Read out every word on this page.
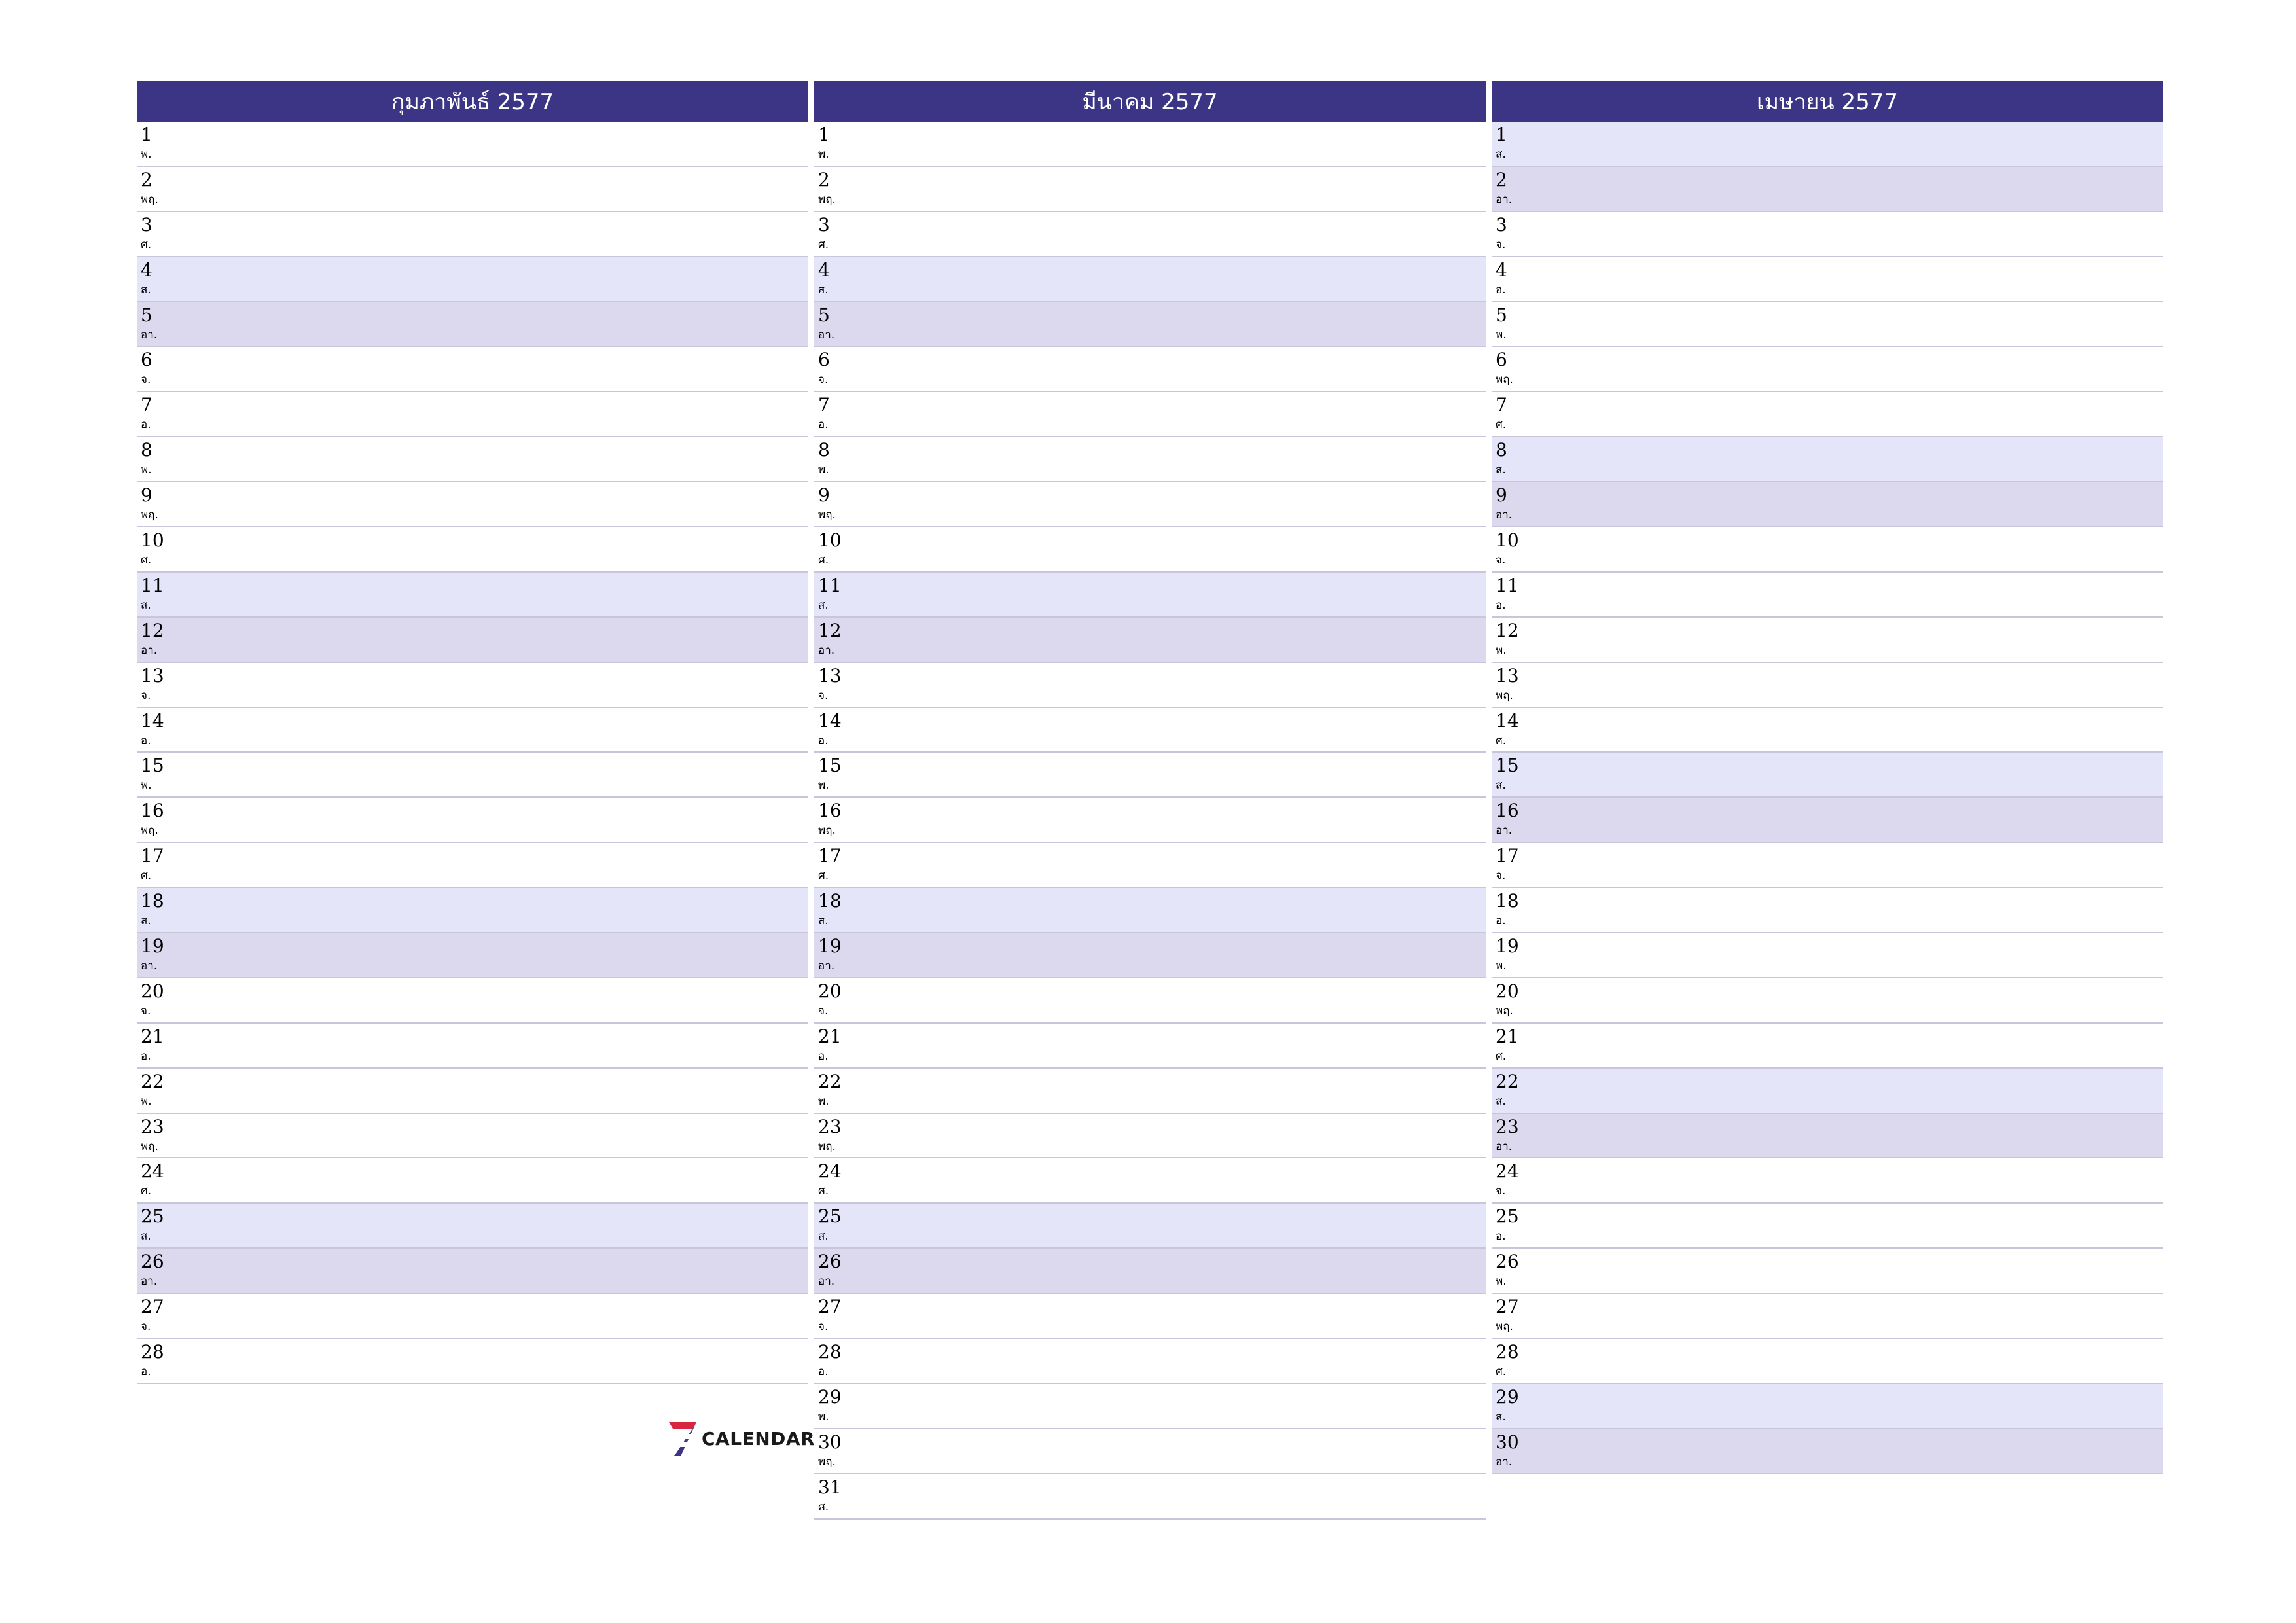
กุมภาพันธ์ 2577
1
พ.
2
พฤ.
3
ศ.
4
ส.
5
อา.
6
จ.
7
อ.
8
พ.
9
พฤ.
10
ศ.
11
ส.
12
อา.
13
จ.
14
อ.
15
พ.
16
พฤ.
17
ศ.
18
ส.
19
อา.
20
จ.
21
อ.
22
พ.
23
พฤ.
24
ศ.
25
ส.
26
อา.
27
จ.
28
อ.
มีนาคม 2577
1
พ.
2
พฤ.
3
ศ.
4
ส.
5
อา.
6
จ.
7
อ.
8
พ.
9
พฤ.
10
ศ.
11
ส.
12
อา.
13
จ.
14
อ.
15
พ.
16
พฤ.
17
ศ.
18
ส.
19
อา.
20
จ.
21
อ.
22
พ.
23
พฤ.
24
ศ.
25
ส.
26
อา.
27
จ.
28
อ.
29
พ.
30
พฤ.
31
ศ.
เมษายน 2577
1
ส.
2
อา.
3
จ.
4
อ.
5
พ.
6
พฤ.
7
ศ.
8
ส.
9
อา.
10
จ.
11
อ.
12
พ.
13
พฤ.
14
ศ.
15
ส.
16
อา.
17
จ.
18
อ.
19
พ.
20
พฤ.
21
ศ.
22
ส.
23
อา.
24
จ.
25
อ.
26
พ.
27
พฤ.
28
ศ.
29
ส.
30
อา.
CALENDAR
